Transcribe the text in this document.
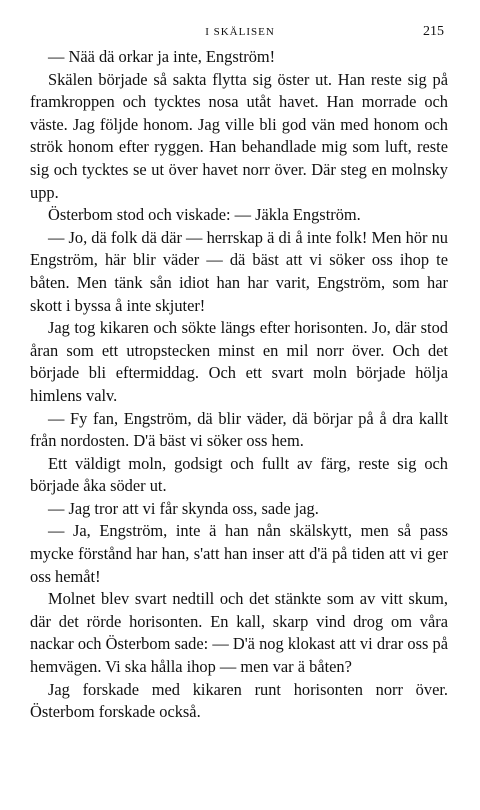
I SKÄLISEN	215

— Nää dä orkar ja inte, Engström!

Skälen började så sakta flytta sig öster ut. Han reste sig på framkroppen och tycktes nosa utåt havet. Han morrade och väste. Jag följde honom. Jag ville bli god vän med honom och strök honom efter ryggen. Han behandlade mig som luft, reste sig och tycktes se ut över havet norr över. Där steg en molnsky upp.

Österbom stod och viskade: — Jäkla Engström.

— Jo, dä folk dä där — herrskap ä di å inte folk! Men hör nu Engström, här blir väder — dä bäst att vi söker oss ihop te båten. Men tänk sån idiot han har varit, Engström, som har skott i byssa å inte skjuter!

Jag tog kikaren och sökte längs efter horisonten. Jo, där stod åran som ett utropstecken minst en mil norr över. Och det började bli eftermiddag. Och ett svart moln började hölja himlens valv.

— Fy fan, Engström, dä blir väder, dä börjar på å dra kallt från nordosten. D'ä bäst vi söker oss hem.

Ett väldigt moln, godsigt och fullt av färg, reste sig och började åka söder ut.

— Jag tror att vi får skynda oss, sade jag.

— Ja, Engström, inte ä han nån skälskytt, men så pass mycke förstånd har han, s'att han inser att d'ä på tiden att vi ger oss hemåt!

Molnet blev svart nedtill och det stänkte som av vitt skum, där det rörde horisonten. En kall, skarp vind drog om våra nackar och Österbom sade: — D'ä nog klokast att vi drar oss på hemvägen. Vi ska hålla ihop — men var ä båten?

Jag forskade med kikaren runt horisonten norr över. Österbom forskade också.
